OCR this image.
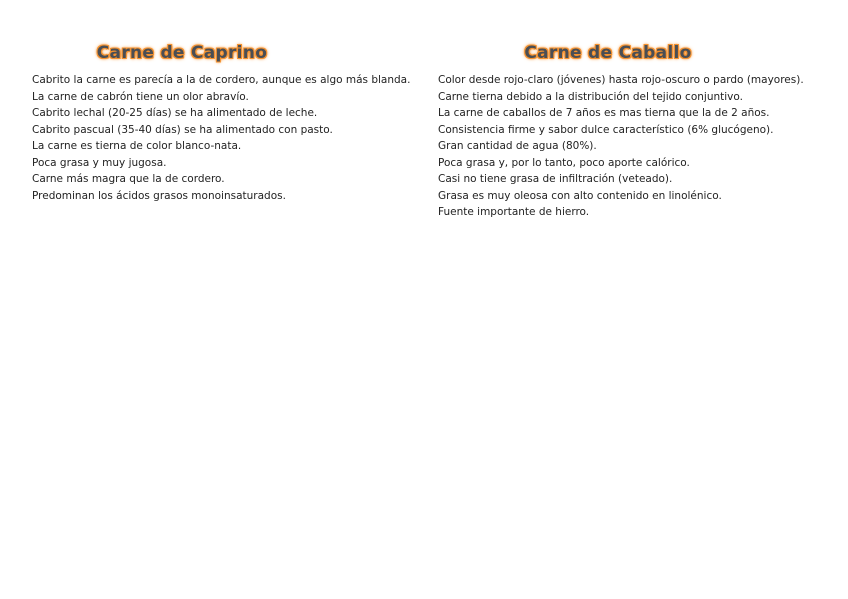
Carne de Caprino
Cabrito la carne es parecía a la de cordero, aunque es algo más blanda.
La carne de cabrón tiene un olor abravío.
Cabrito lechal (20-25 días) se ha alimentado de leche.
Cabrito pascual (35-40 días) se ha alimentado con pasto.
La carne es tierna de color blanco-nata.
Poca grasa y muy jugosa.
Carne más magra que la de cordero.
Predominan los ácidos grasos monoinsaturados.
Carne de Caballo
Color desde rojo-claro (jóvenes) hasta rojo-oscuro o pardo (mayores).
Carne tierna debido a la distribución del tejido conjuntivo.
La carne de caballos de 7 años es mas tierna que la de 2 años.
Consistencia firme y sabor dulce característico (6% glucógeno).
Gran cantidad de agua (80%).
Poca grasa y, por lo tanto, poco aporte calórico.
Casi no tiene grasa de infiltración (veteado).
Grasa es muy oleosa con alto contenido en linolénico.
Fuente importante de hierro.
